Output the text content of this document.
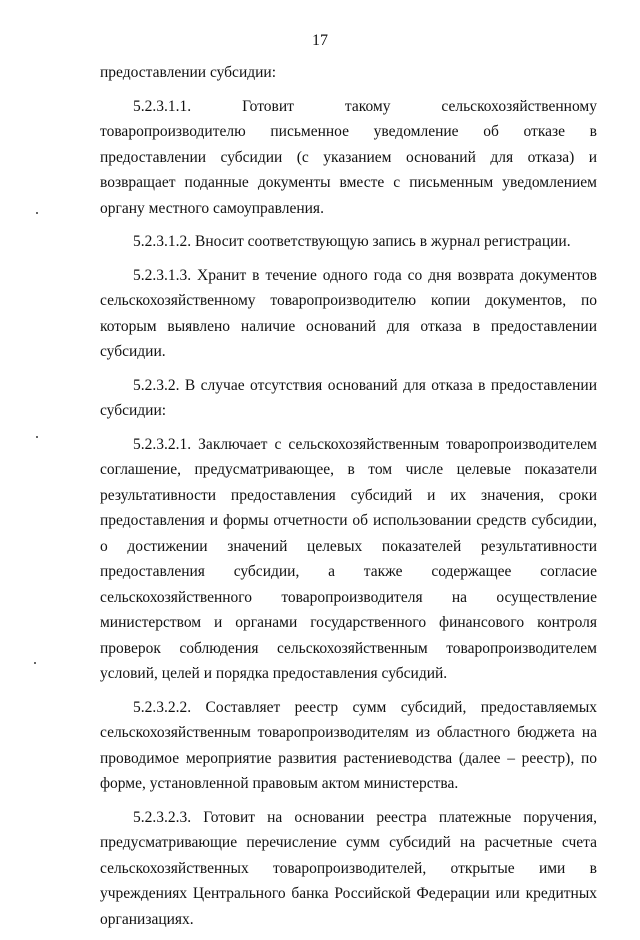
17

предоставлении субсидии:

5.2.3.1.1. Готовит такому сельскохозяйственному товаропроизводителю письменное уведомление об отказе в предоставлении субсидии (с указанием оснований для отказа) и возвращает поданные документы вместе с письменным уведомлением органу местного самоуправления.

5.2.3.1.2. Вносит соответствующую запись в журнал регистрации.

5.2.3.1.3. Хранит в течение одного года со дня возврата документов сельскохозяйственному товаропроизводителю копии документов, по которым выявлено наличие оснований для отказа в предоставлении субсидии.

5.2.3.2. В случае отсутствия оснований для отказа в предоставлении субсидии:

5.2.3.2.1. Заключает с сельскохозяйственным товаропроизводителем соглашение, предусматривающее, в том числе целевые показатели результативности предоставления субсидий и их значения, сроки предоставления и формы отчетности об использовании средств субсидии, о достижении значений целевых показателей результативности предоставления субсидии, а также содержащее согласие сельскохозяйственного товаропроизводителя на осуществление министерством и органами государственного финансового контроля проверок соблюдения сельскохозяйственным товаропроизводителем условий, целей и порядка предоставления субсидий.

5.2.3.2.2. Составляет реестр сумм субсидий, предоставляемых сельскохозяйственным товаропроизводителям из областного бюджета на проводимое мероприятие развития растениеводства (далее – реестр), по форме, установленной правовым актом министерства.

5.2.3.2.3. Готовит на основании реестра платежные поручения, предусматривающие перечисление сумм субсидий на расчетные счета сельскохозяйственных товаропроизводителей, открытые ими в учреждениях Центрального банка Российской Федерации или кредитных организациях.
